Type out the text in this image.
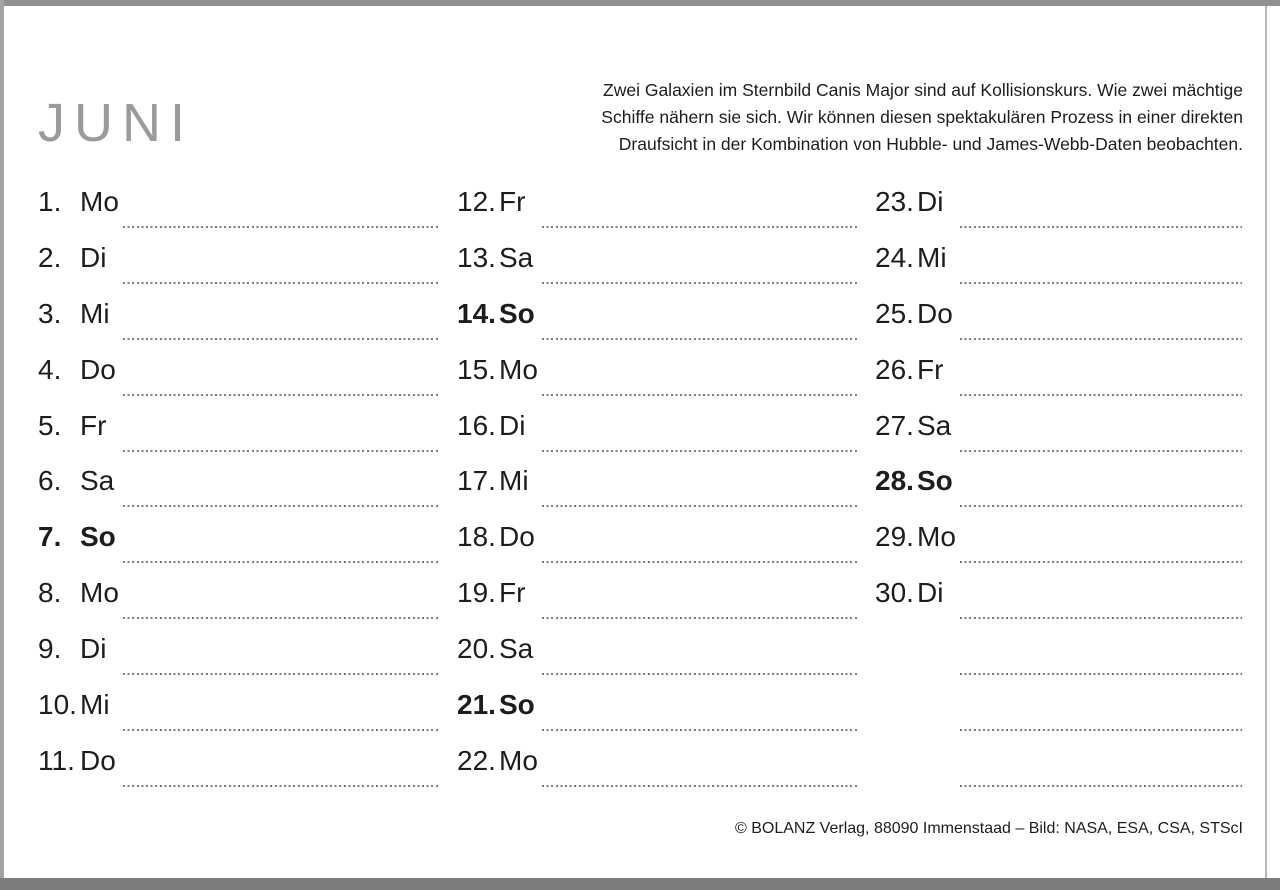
JUNI
Zwei Galaxien im Sternbild Canis Major sind auf Kollisionskurs. Wie zwei mächtige
Schiffe nähern sie sich. Wir können diesen spektakulären Prozess in einer direkten
Draufsicht in der Kombination von Hubble- und James-Webb-Daten beobachten.
1. Mo
2. Di
3. Mi
4. Do
5. Fr
6. Sa
7. So
8. Mo
9. Di
10. Mi
11. Do
12. Fr
13. Sa
14. So
15. Mo
16. Di
17. Mi
18. Do
19. Fr
20. Sa
21. So
22. Mo
23. Di
24. Mi
25. Do
26. Fr
27. Sa
28. So
29. Mo
30. Di
© BOLANZ Verlag, 88090 Immenstaad – Bild: NASA, ESA, CSA, STScI
